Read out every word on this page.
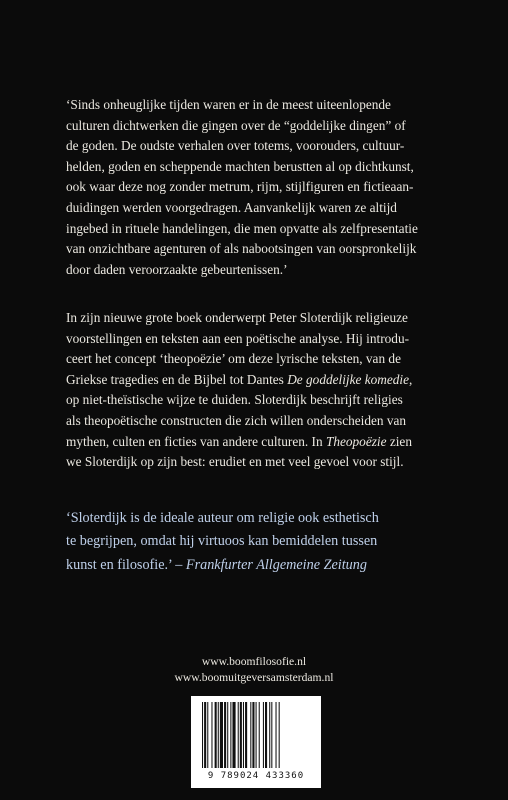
‘Sinds onheuglijke tijden waren er in de meest uiteenlopende
culturen dichtwerken die gingen over de “goddelijke dingen” of
de goden. De oudste verhalen over totems, voorouders, cultuur-
helden, goden en scheppende machten berustten al op dichtkunst,
ook waar deze nog zonder metrum, rijm, stijlfiguren en fictieaan-
duidingen werden voorgedragen. Aanvankelijk waren ze altijd
ingebed in rituele handelingen, die men opvatte als zelfpresentatie
van onzichtbare agenturen of als nabootsingen van oorspronkelijk
door daden veroorzaakte gebeurtenissen.’

In zijn nieuwe grote boek onderwerpt Peter Sloterdijk religieuze
voorstellingen en teksten aan een poëtische analyse. Hij introdu-
ceert het concept ‘theopoëzie’ om deze lyrische teksten, van de
Griekse tragedies en de Bijbel tot Dantes De goddelijke komedie,
op niet-theïstische wijze te duiden. Sloterdijk beschrijft religies
als theopoëtische constructen die zich willen onderscheiden van
mythen, culten en ficties van andere culturen. In Theopoëzie zien
we Sloterdijk op zijn best: erudiet en met veel gevoel voor stijl.

‘Sloterdijk is de ideale auteur om religie ook esthetisch
te begrijpen, omdat hij virtuoos kan bemiddelen tussen
kunst en filosofie.’ – Frankfurter Allgemeine Zeitung

www.boomfilosofie.nl
www.boomuitgeversamsterdam.nl
9 789024 433360
